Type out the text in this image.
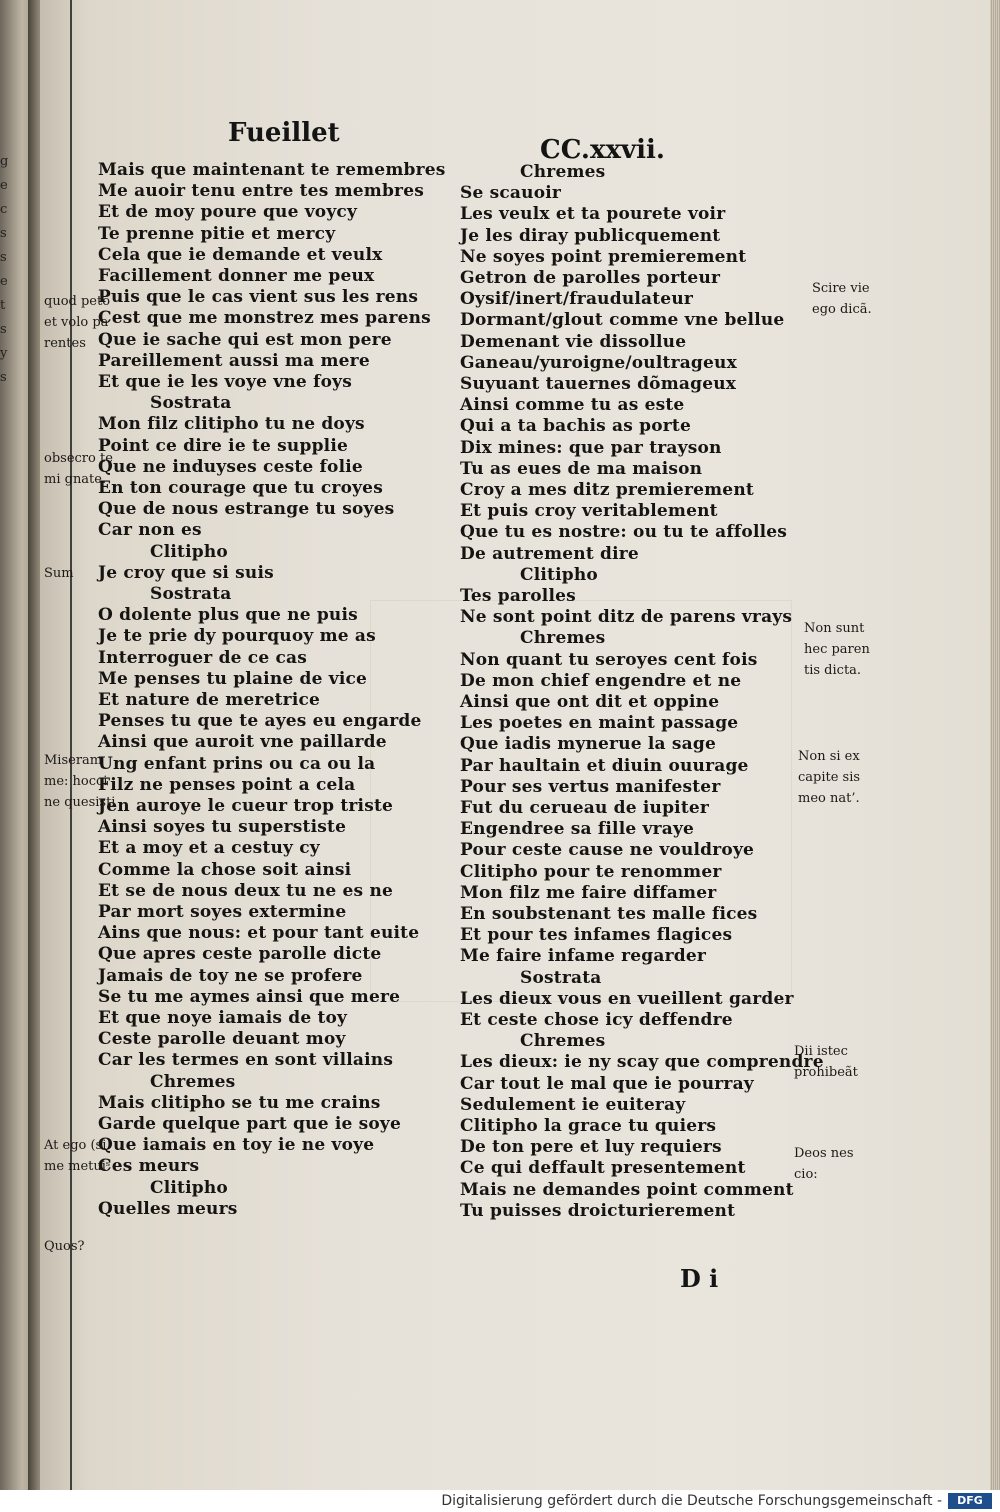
g
e
c
s
s
e
t
s
y
s
Fueillet
CC.xxvii.
Mais que maintenant te remembres
Me auoir tenu entre tes membres
Et de moy poure que voycy
Te prenne pitie et mercy
Cela que ie demande et veulx
Facillement donner me peux
Puis que le cas vient sus les rens
Cest que me monstrez mes parens
Que ie sache qui est mon pere
Pareillement aussi ma mere
Et que ie les voye vne foys
Sostrata
Mon filz clitipho tu ne doys
Point ce dire ie te supplie
Que ne induyses ceste folie
En ton courage que tu croyes
Que de nous estrange tu soyes
Car non es
Clitipho
Je croy que si suis
Sostrata
O dolente plus que ne puis
Je te prie dy pourquoy me as
Interroguer de ce cas
Me penses tu plaine de vice
Et nature de meretrice
Penses tu que te ayes eu engarde
Ainsi que auroit vne paillarde
Ung enfant prins ou ca ou la
Filz ne penses point a cela
Jen auroye le cueur trop triste
Ainsi soyes tu superstiste
Et a moy et a cestuy cy
Comme la chose soit ainsi
Et se de nous deux tu ne es ne
Par mort soyes extermine
Ains que nous: et pour tant euite
Que apres ceste parolle dicte
Jamais de toy ne se profere
Se tu me aymes ainsi que mere
Et que noye iamais de toy
Ceste parolle deuant moy
Car les termes en sont villains
Chremes
Mais clitipho se tu me crains
Garde quelque part que ie soye
Que iamais en toy ie ne voye
Ces meurs
Clitipho
Quelles meurs
Chremes
Se scauoir
Les veulx et ta pourete voir
Je les diray publicquement
Ne soyes point premierement
Getron de parolles porteur
Oysif/inert/fraudulateur
Dormant/glout comme vne bellue
Demenant vie dissollue
Ganeau/yuroigne/oultrageux
Suyuant tauernes dõmageux
Ainsi comme tu as este
Qui a ta bachis as porte
Dix mines: que par trayson
Tu as eues de ma maison
Croy a mes ditz premierement
Et puis croy veritablement
Que tu es nostre: ou tu te affolles
De autrement dire
Clitipho
Tes parolles
Ne sont point ditz de parens vrays
Chremes
Non quant tu seroyes cent fois
De mon chief engendre et ne
Ainsi que ont dit et oppine
Les poetes en maint passage
Que iadis mynerue la sage
Par haultain et diuin ouurage
Pour ses vertus manifester
Fut du cerueau de iupiter
Engendree sa fille vraye
Pour ceste cause ne vouldroye
Clitipho pour te renommer
Mon filz me faire diffamer
En soubstenant tes malle fices
Et pour tes infames flagices
Me faire infame regarder
Sostrata
Les dieux vous en vueillent garder
Et ceste chose icy deffendre
Chremes
Les dieux: ie ny scay que comprendre
Car tout le mal que ie pourray
Sedulement ie euiteray
Clitipho la grace tu quiers
De ton pere et luy requiers
Ce qui deffault presentement
Mais ne demandes point comment
Tu puisses droicturierement
quod peto
et volo pa
rentes
obsecro te
mi gnate.
Sum
Miseram
me: hocci
ne quesisti
At ego (si
me metuiˢ
Quos?
Scire vie
ego dicã.
Non sunt
hec paren
tis dicta.
Non si ex
capite sis
meo nat’.
Dii istec
prohibeãt
Deos nes
cio:
D i
Digitalisierung gefördert durch die Deutsche Forschungsgemeinschaft -	DFG
